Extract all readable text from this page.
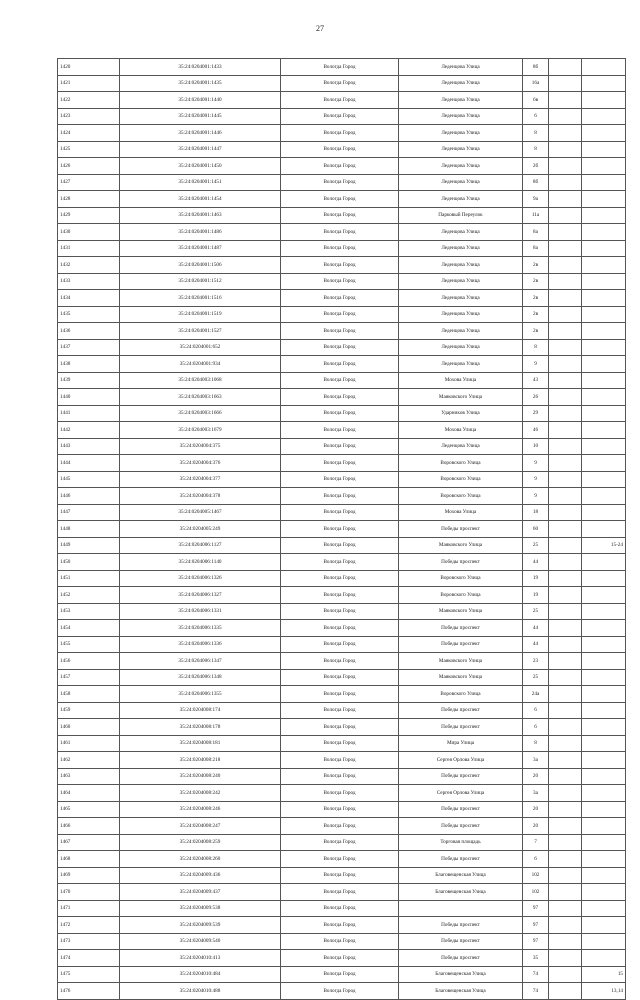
27
1420	35:24:0204001:1433	Вологда Город	Леденцова Улица	8б		
1421	35:24:0204001:1435	Вологда Город	Леденцова Улица	16а		
1422	35:24:0204001:1440	Вологда Город	Леденцова Улица	6в		
1423	35:24:0204001:1445	Вологда Город	Леденцова Улица	6		
1424	35:24:0204001:1446	Вологда Город	Леденцова Улица	8		
1425	35:24:0204001:1447	Вологда Город	Леденцова Улица	8		
1426	35:24:0204001:1450	Вологда Город	Леденцова Улица	2б		
1427	35:24:0204001:1451	Вологда Город	Леденцова Улица	8б		
1428	35:24:0204001:1454	Вологда Город	Леденцова Улица	9а		
1429	35:24:0204001:1463	Вологда Город	Парковый Переулок	11а		
1430	35:24:0204001:1486	Вологда Город	Леденцова Улица	8а		
1431	35:24:0204001:1487	Вологда Город	Леденцова Улица	8а		
1432	35:24:0204001:1506	Вологда Город	Леденцова Улица	2в		
1433	35:24:0204001:1512	Вологда Город	Леденцова Улица	2в		
1434	35:24:0204001:1516	Вологда Город	Леденцова Улица	2в		
1435	35:24:0204001:1519	Вологда Город	Леденцова Улица	2в		
1436	35:24:0204001:1527	Вологда Город	Леденцова Улица	2в		
1437	35:24:0204001:652	Вологда Город	Леденцова Улица	8		
1438	35:24:0204001:934	Вологда Город	Леденцова Улица	9		
1439	35:24:0204003:1068	Вологда Город	Мохова Улица	43		
1440	35:24:0204003:1663	Вологда Город	Маяковского Улица	26		
1441	35:24:0204003:1666	Вологда Город	Удаpникoв Улица	29		
1442	35:24:0204003:1679	Вологда Город	Мохова Улица	46		
1443	35:24:0204004:375	Вологда Город	Леденцова Улица	10		
1444	35:24:0204004:376	Вологда Город	Воровского Улица	9		
1445	35:24:0204004:377	Вологда Город	Воровского Улица	9		
1446	35:24:0204004:378	Вологда Город	Воровского Улица	9		
1447	35:24:0204005:1467	Вологда Город	Мохова Улица	18		
1448	35:24:0204005:249	Вологда Город	Победы проспект	60		
1449	35:24:0204006:1127	Вологда Город	Маяковского Улица	25		15-24
1450	35:24:0204006:1140	Вологда Город	Победы проспект	44		
1451	35:24:0204006:1326	Вологда Город	Воровского Улица	19		
1452	35:24:0204006:1327	Вологда Город	Воровского Улица	19		
1453	35:24:0204006:1331	Вологда Город	Маяковского Улица	25		
1454	35:24:0204006:1335	Вологда Город	Победы проспект	44		
1455	35:24:0204006:1336	Вологда Город	Победы проспект	44		
1456	35:24:0204006:1347	Вологда Город	Маяковского Улица	23		
1457	35:24:0204006:1348	Вологда Город	Маяковского Улица	25		
1458	35:24:0204006:1355	Вологда Город	Воровского Улица	24а		
1459	35:24:0204008:174	Вологда Город	Победы проспект	6		
1460	35:24:0204008:178	Вологда Город	Победы проспект	6		
1461	35:24:0204008:181	Вологда Город	Мира Улица	8		
1462	35:24:0204008:218	Вологда Город	Сергея Орлова Улица	3а		
1463	35:24:0204008:240	Вологда Город	Победы проспект	20		
1464	35:24:0204008:242	Вологда Город	Сергея Орлова Улица	3а		
1465	35:24:0204008:246	Вологда Город	Победы проспект	20		
1466	35:24:0204008:247	Вологда Город	Победы проспект	20		
1467	35:24:0204008:259	Вологда Город	Торговая площадь	7		
1468	35:24:0204008:260	Вологда Город	Победы проспект	6		
1469	35:24:0204009:436	Вологда Город	Благовещенская Улица	102		
1470	35:24:0204009:437	Вологда Город	Благовещенская Улица	102		
1471	35:24:0204009:538	Вологда Город		97		
1472	35:24:0204009:539	Вологда Город	Победы проспект	97		
1473	35:24:0204009:540	Вологда Город	Победы проспект	97		
1474	35:24:0204010:413	Вологда Город	Победы проспект	35		
1475	35:24:0204010:484	Вологда Город	Благовещенская Улица	74		15
1476	35:24:0204010:488	Вологда Город	Благовещенская Улица	74		13,14
